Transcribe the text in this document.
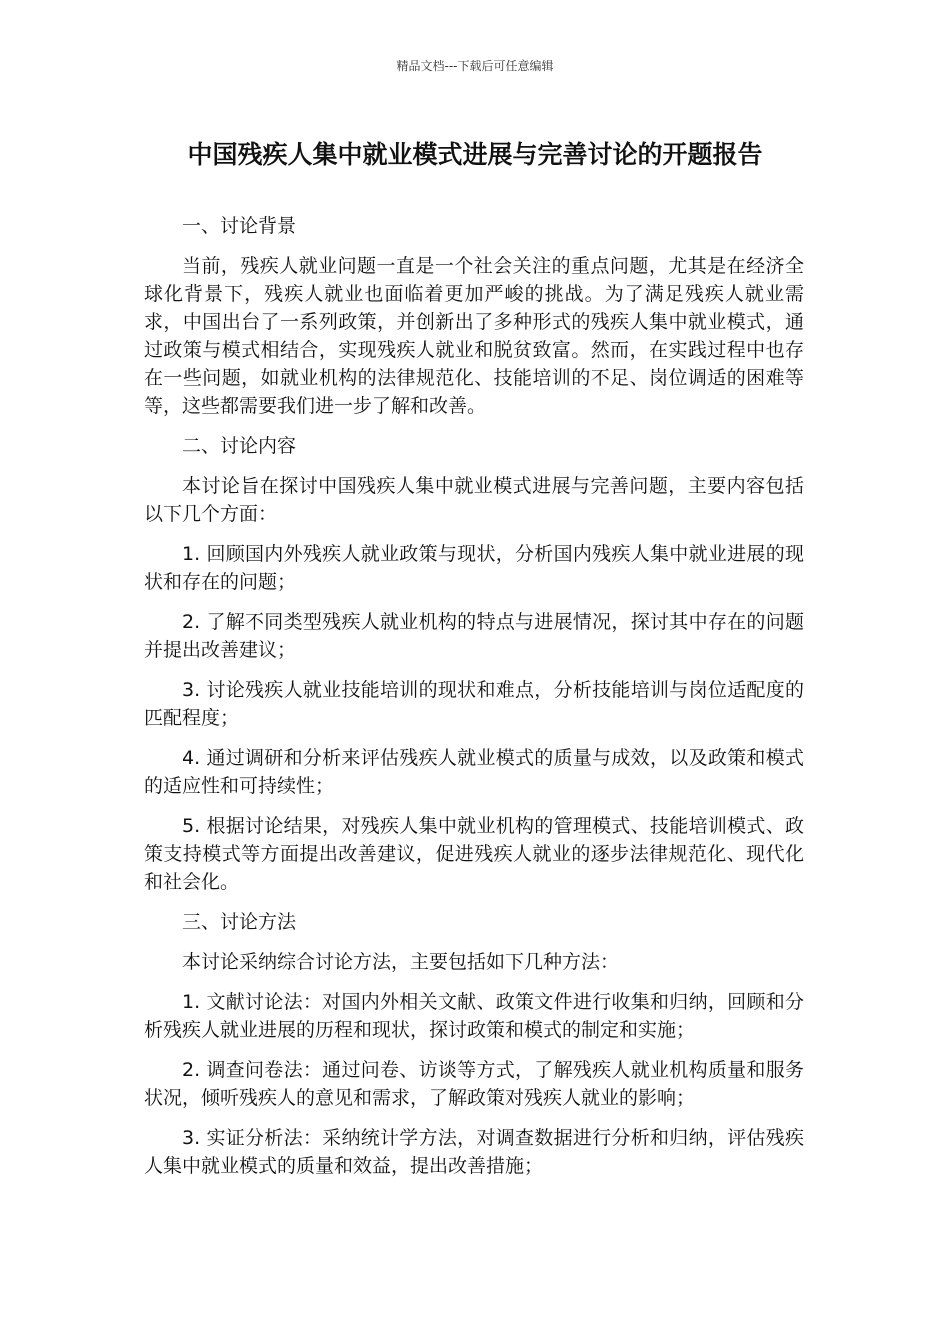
精品文档---下载后可任意编辑
中国残疾人集中就业模式进展与完善讨论的开题报告

一、讨论背景

当前，残疾人就业问题一直是一个社会关注的重点问题，尤其是在经济全球化背景下，残疾人就业也面临着更加严峻的挑战。为了满足残疾人就业需求，中国出台了一系列政策，并创新出了多种形式的残疾人集中就业模式，通过政策与模式相结合，实现残疾人就业和脱贫致富。然而，在实践过程中也存在一些问题，如就业机构的法律规范化、技能培训的不足、岗位调适的困难等等，这些都需要我们进一步了解和改善。

二、讨论内容

本讨论旨在探讨中国残疾人集中就业模式进展与完善问题，主要内容包括以下几个方面：

1. 回顾国内外残疾人就业政策与现状，分析国内残疾人集中就业进展的现状和存在的问题；

2. 了解不同类型残疾人就业机构的特点与进展情况，探讨其中存在的问题并提出改善建议；

3. 讨论残疾人就业技能培训的现状和难点，分析技能培训与岗位适配度的匹配程度；

4. 通过调研和分析来评估残疾人就业模式的质量与成效，以及政策和模式的适应性和可持续性；

5. 根据讨论结果，对残疾人集中就业机构的管理模式、技能培训模式、政策支持模式等方面提出改善建议，促进残疾人就业的逐步法律规范化、现代化和社会化。

三、讨论方法

本讨论采纳综合讨论方法，主要包括如下几种方法：

1. 文献讨论法：对国内外相关文献、政策文件进行收集和归纳，回顾和分析残疾人就业进展的历程和现状，探讨政策和模式的制定和实施；

2. 调查问卷法：通过问卷、访谈等方式，了解残疾人就业机构质量和服务状况，倾听残疾人的意见和需求，了解政策对残疾人就业的影响；

3. 实证分析法：采纳统计学方法，对调查数据进行分析和归纳，评估残疾人集中就业模式的质量和效益，提出改善措施；
